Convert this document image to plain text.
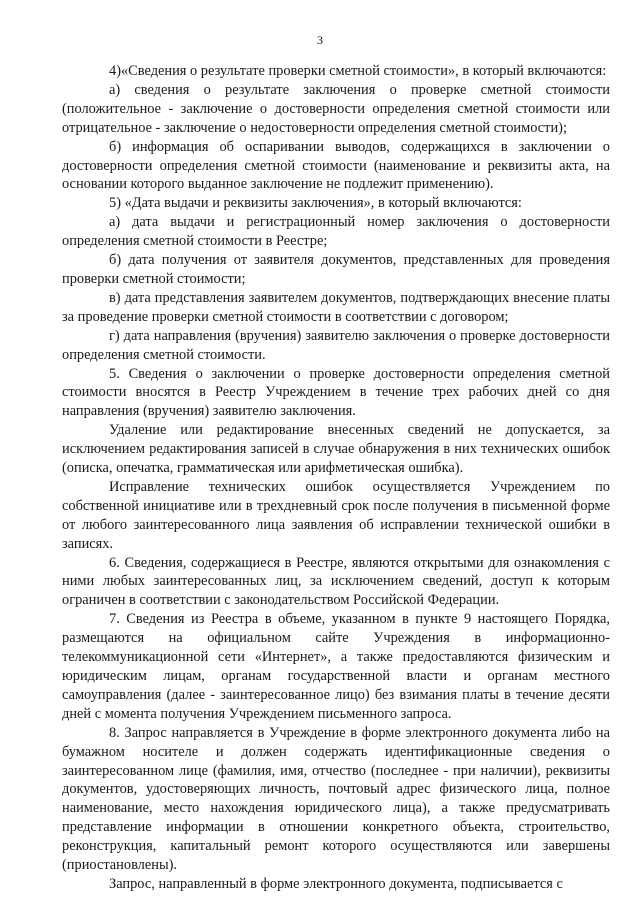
3

4)«Сведения о результате проверки сметной стоимости», в который включаются:

а) сведения о результате заключения о проверке сметной стоимости (положительное - заключение о достоверности определения сметной стоимости или отрицательное - заключение о недостоверности определения сметной стоимости);

б) информация об оспаривании выводов, содержащихся в заключении о достоверности определения сметной стоимости (наименование и реквизиты акта, на основании которого выданное заключение не подлежит применению).

5) «Дата выдачи и реквизиты заключения», в который включаются:

а) дата выдачи и регистрационный номер заключения о достоверности определения сметной стоимости в Реестре;

б) дата получения от заявителя документов, представленных для проведения проверки сметной стоимости;

в) дата представления заявителем документов, подтверждающих внесение платы за проведение проверки сметной стоимости в соответствии с договором;

г) дата направления (вручения) заявителю заключения о проверке достоверности определения сметной стоимости.

5. Сведения о заключении о проверке достоверности определения сметной стоимости вносятся в Реестр Учреждением в течение трех рабочих дней со дня направления (вручения) заявителю заключения.

Удаление или редактирование внесенных сведений не допускается, за исключением редактирования записей в случае обнаружения в них технических ошибок (описка, опечатка, грамматическая или арифметическая ошибка).

Исправление технических ошибок осуществляется Учреждением по собственной инициативе или в трехдневный срок после получения в письменной форме от любого заинтересованного лица заявления об исправлении технической ошибки в записях.

6. Сведения, содержащиеся в Реестре, являются открытыми для ознакомления с ними любых заинтересованных лиц, за исключением сведений, доступ к которым ограничен в соответствии с законодательством Российской Федерации.

7. Сведения из Реестра в объеме, указанном в пункте 9 настоящего Порядка, размещаются на официальном сайте Учреждения в информационно-телекоммуникационной сети «Интернет», а также предоставляются физическим и юридическим лицам, органам государственной власти и органам местного самоуправления (далее - заинтересованное лицо) без взимания платы в течение десяти дней с момента получения Учреждением письменного запроса.

8. Запрос направляется в Учреждение в форме электронного документа либо на бумажном носителе и должен содержать идентификационные сведения о заинтересованном лице (фамилия, имя, отчество (последнее - при наличии), реквизиты документов, удостоверяющих личность, почтовый адрес физического лица, полное наименование, место нахождения юридического лица), а также предусматривать представление информации в отношении конкретного объекта, строительство, реконструкция, капитальный ремонт которого осуществляются или завершены (приостановлены).

Запрос, направленный в форме электронного документа, подписывается с
